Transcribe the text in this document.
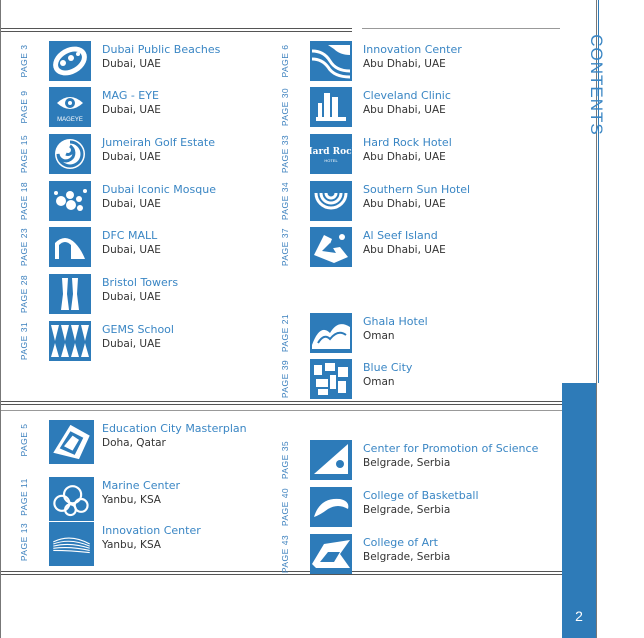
CONTENTS
2
PAGE 3	Dubai Public Beaches
Dubai, UAE
PAGE 9	MAGEYE
MAG - EYE
Dubai, UAE
PAGE 15	Jumeirah Golf Estate
Dubai, UAE
PAGE 18	Dubai Iconic Mosque
Dubai, UAE
PAGE 23	DFC MALL
Dubai, UAE
PAGE 28	Bristol Towers
Dubai, UAE
PAGE 31	GEMS School
Dubai, UAE
PAGE 6	Innovation Center
Abu Dhabi, UAE
PAGE 30	Cleveland Clinic
Abu Dhabi, UAE
PAGE 33 Hard Rock
HOTEL
Hard Rock Hotel
Abu Dhabi, UAE
PAGE 34	Southern Sun Hotel
Abu Dhabi, UAE
PAGE 37	Al Seef Island
Abu Dhabi, UAE
PAGE 21	Ghala Hotel
Oman
PAGE 39	Blue City
Oman
PAGE 5	Education City Masterplan
Doha, Qatar
PAGE 11	Marine Center
Yanbu, KSA
PAGE 13	Innovation Center
Yanbu, KSA
PAGE 35	Center for Promotion of Science
Belgrade, Serbia
PAGE 40	College of Basketball
Belgrade, Serbia
PAGE 43	College of Art
Belgrade, Serbia
